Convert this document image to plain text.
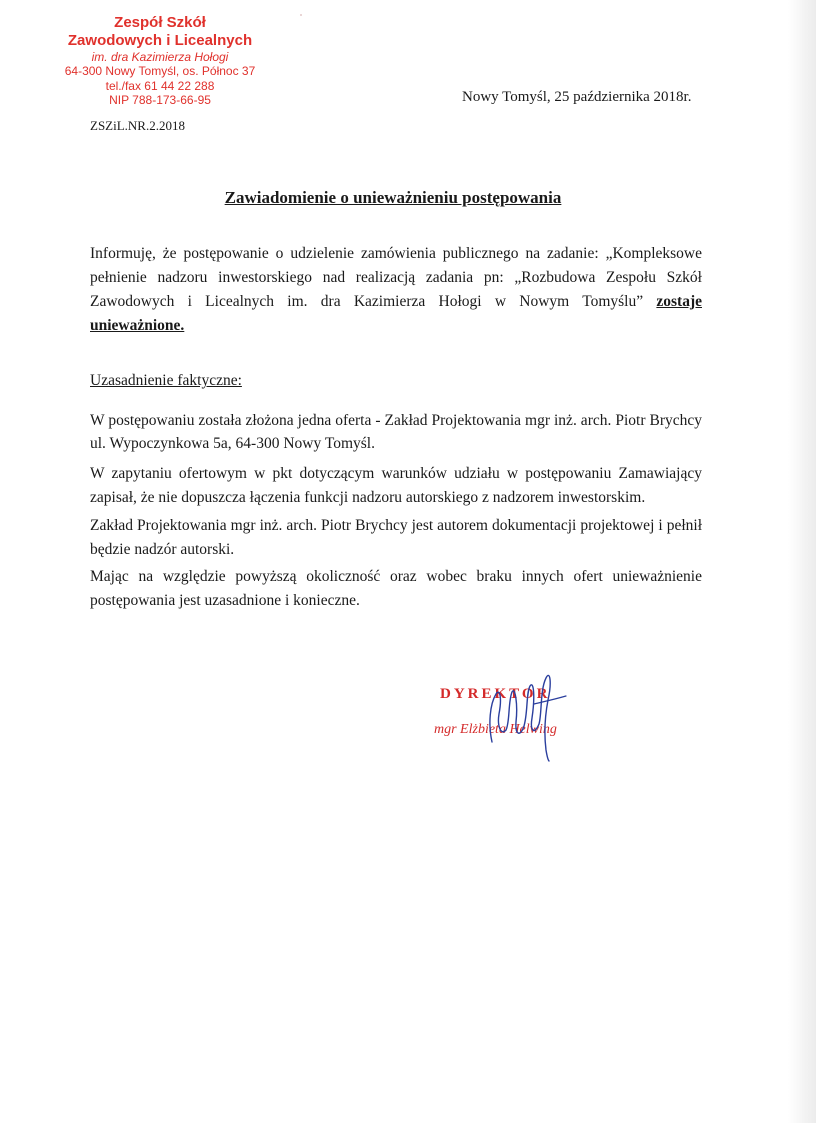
Zespół Szkół
Zawodowych i Licealnych
im. dra Kazimierza Hołogi
64-300 Nowy Tomyśl, os. Północ 37
tel./fax 61 44 22 288
NIP 788-173-66-95	Nowy Tomyśl, 25 października 2018r.
ZSZiL.NR.2.2018
Zawiadomienie o unieważnieniu postępowania

Informuję, że postępowanie o udzielenie zamówienia publicznego na zadanie: „Kompleksowe pełnienie nadzoru inwestorskiego nad realizacją zadania pn: „Rozbudowa Zespołu Szkół Zawodowych i Licealnych im. dra Kazimierza Hołogi w Nowym Tomyślu” zostaje unieważnione.

Uzasadnienie faktyczne:

W postępowaniu została złożona jedna oferta - Zakład Projektowania mgr inż. arch. Piotr Brychcy ul. Wypoczynkowa 5a, 64-300 Nowy Tomyśl.

W zapytaniu ofertowym w pkt dotyczącym warunków udziału w postępowaniu Zamawiający zapisał, że nie dopuszcza łączenia funkcji nadzoru autorskiego z nadzorem inwestorskim.

Zakład Projektowania mgr inż. arch. Piotr Brychcy jest autorem dokumentacji projektowej i pełnił będzie nadzór autorski.

Mając na względzie powyższą okoliczność oraz wobec braku innych ofert unieważnienie postępowania jest uzasadnione i konieczne.

DYREKTOR
mgr Elżbieta Helwing
